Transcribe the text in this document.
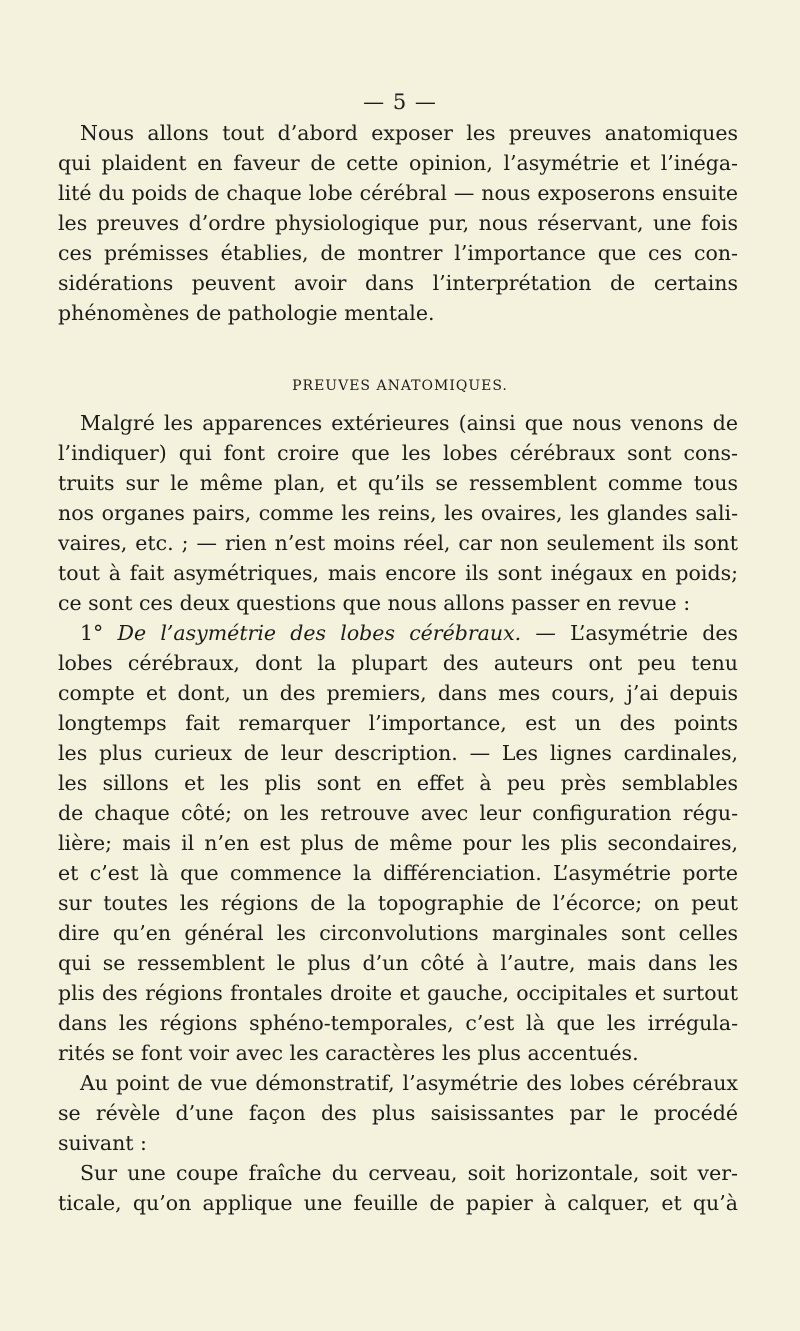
— 5 —
Nous allons tout d’abord exposer les preuves anatomiques
qui plaident en faveur de cette opinion, l’asymétrie et l’inéga-
lité du poids de chaque lobe cérébral — nous exposerons ensuite
les preuves d’ordre physiologique pur, nous réservant, une fois
ces prémisses établies, de montrer l’importance que ces con-
sidérations peuvent avoir dans l’interprétation de certains
phénomènes de pathologie mentale.
PREUVES ANATOMIQUES.
Malgré les apparences extérieures (ainsi que nous venons de
l’indiquer) qui font croire que les lobes cérébraux sont cons-
truits sur le même plan, et qu’ils se ressemblent comme tous
nos organes pairs, comme les reins, les ovaires, les glandes sali-
vaires, etc. ; — rien n’est moins réel, car non seulement ils sont
tout à fait asymétriques, mais encore ils sont inégaux en poids;
ce sont ces deux questions que nous allons passer en revue :
1° De l’asymétrie des lobes cérébraux. — L’asymétrie des
lobes cérébraux, dont la plupart des auteurs ont peu tenu
compte et dont, un des premiers, dans mes cours, j’ai depuis
longtemps fait remarquer l’importance, est un des points
les plus curieux de leur description. — Les lignes cardinales,
les sillons et les plis sont en effet à peu près semblables
de chaque côté; on les retrouve avec leur configuration régu-
lière; mais il n’en est plus de même pour les plis secondaires,
et c’est là que commence la différenciation. L’asymétrie porte
sur toutes les régions de la topographie de l’écorce; on peut
dire qu’en général les circonvolutions marginales sont celles
qui se ressemblent le plus d’un côté à l’autre, mais dans les
plis des régions frontales droite et gauche, occipitales et surtout
dans les régions sphéno-temporales, c’est là que les irrégula-
rités se font voir avec les caractères les plus accentués.
Au point de vue démonstratif, l’asymétrie des lobes cérébraux
se révèle d’une façon des plus saisissantes par le procédé
suivant :
Sur une coupe fraîche du cerveau, soit horizontale, soit ver-
ticale, qu’on applique une feuille de papier à calquer, et qu’à
